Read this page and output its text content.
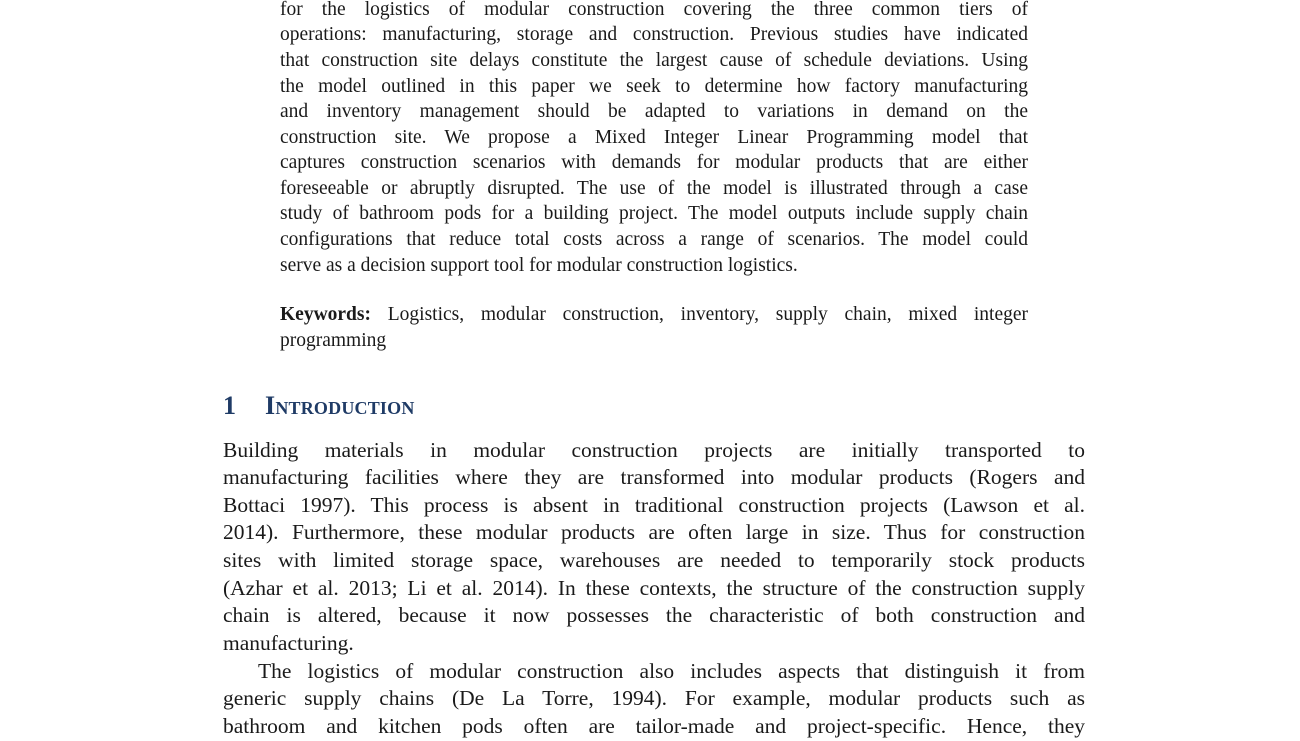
for the logistics of modular construction covering the three common tiers of
operations: manufacturing, storage and construction. Previous studies have indicated
that construction site delays constitute the largest cause of schedule deviations. Using
the model outlined in this paper we seek to determine how factory manufacturing
and inventory management should be adapted to variations in demand on the
construction site. We propose a Mixed Integer Linear Programming model that
captures construction scenarios with demands for modular products that are either
foreseeable or abruptly disrupted. The use of the model is illustrated through a case
study of bathroom pods for a building project. The model outputs include supply chain
configurations that reduce total costs across a range of scenarios. The model could
serve as a decision support tool for modular construction logistics.
Keywords: Logistics, modular construction, inventory, supply chain, mixed integer
programming
1 Introduction
Building materials in modular construction projects are initially transported to
manufacturing facilities where they are transformed into modular products (Rogers and
Bottaci 1997). This process is absent in traditional construction projects (Lawson et al.
2014). Furthermore, these modular products are often large in size. Thus for construction
sites with limited storage space, warehouses are needed to temporarily stock products
(Azhar et al. 2013; Li et al. 2014). In these contexts, the structure of the construction supply
chain is altered, because it now possesses the characteristic of both construction and
manufacturing.
The logistics of modular construction also includes aspects that distinguish it from
generic supply chains (De La Torre, 1994). For example, modular products such as
bathroom and kitchen pods often are tailor-made and project-specific. Hence, they
